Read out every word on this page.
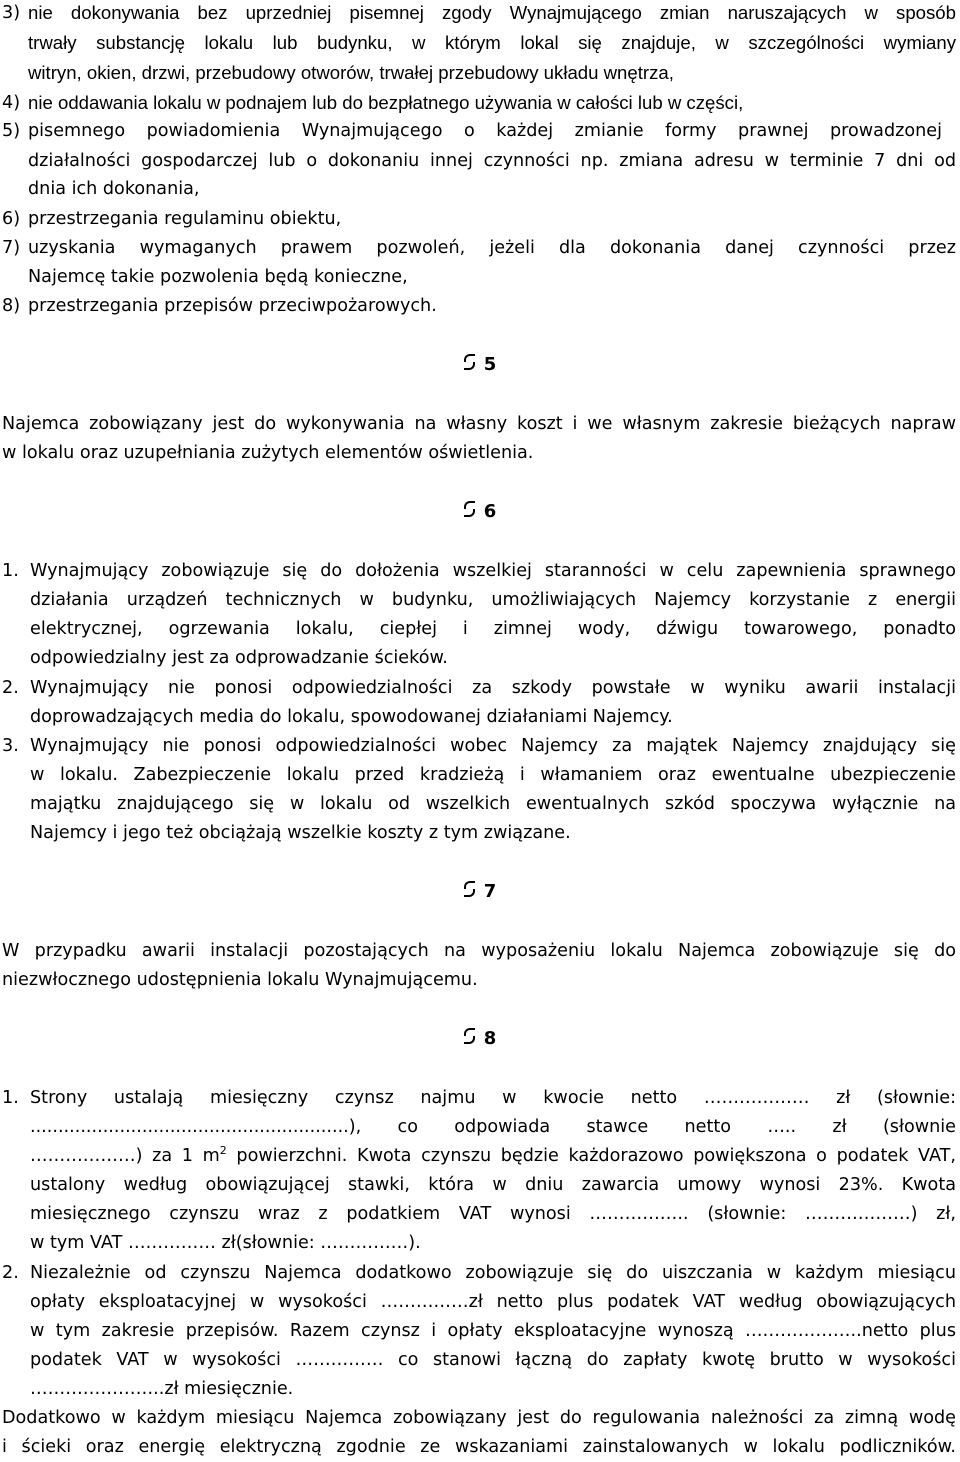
3) nie dokonywania bez uprzedniej pisemnej zgody Wynajmującego zmian naruszających w sposób
trwały substancję lokalu lub budynku, w którym lokal się znajduje, w szczególności wymiany
witryn, okien, drzwi, przebudowy otworów, trwałej przebudowy układu wnętrza,
4) nie oddawania lokalu w podnajem lub do bezpłatnego używania w całości lub w części,
5) pisemnego powiadomienia Wynajmującego o każdej zmianie formy prawnej prowadzonej
działalności gospodarczej lub o dokonaniu innej czynności np. zmiana adresu w terminie 7 dni od
dnia ich dokonania,
6) przestrzegania regulaminu obiektu,
7) uzyskania wymaganych prawem pozwoleń, jeżeli dla dokonania danej czynności przez
Najemcę takie pozwolenia będą konieczne,
8) przestrzegania przepisów przeciwpożarowych.
5
Najemca zobowiązany jest do wykonywania na własny koszt i we własnym zakresie bieżących napraw
w lokalu oraz uzupełniania zużytych elementów oświetlenia.
6
1. Wynajmujący zobowiązuje się do dołożenia wszelkiej staranności w celu zapewnienia sprawnego
działania urządzeń technicznych w budynku, umożliwiających Najemcy korzystanie z energii
elektrycznej, ogrzewania lokalu, ciepłej i zimnej wody, dźwigu towarowego, ponadto
odpowiedzialny jest za odprowadzanie ścieków.
2. Wynajmujący nie ponosi odpowiedzialności za szkody powstałe w wyniku awarii instalacji
doprowadzających media do lokalu, spowodowanej działaniami Najemcy.
3. Wynajmujący nie ponosi odpowiedzialności wobec Najemcy za majątek Najemcy znajdujący się
w lokalu. Zabezpieczenie lokalu przed kradzieżą i włamaniem oraz ewentualne ubezpieczenie
majątku znajdującego się w lokalu od wszelkich ewentualnych szkód spoczywa wyłącznie na
Najemcy i jego też obciążają wszelkie koszty z tym związane.
7
W przypadku awarii instalacji pozostających na wyposażeniu lokalu Najemca zobowiązuje się do
niezwłocznego udostępnienia lokalu Wynajmującemu.
8
1. Strony ustalają miesięczny czynsz najmu w kwocie netto ……………… zł (słownie:
.........................................................), co odpowiada stawce netto ….. zł (słownie
………………) za 1 $m^2$ powierzchni. Kwota czynszu będzie każdorazowo powiększona o podatek VAT,
ustalony według obowiązującej stawki, która w dniu zawarcia umowy wynosi 23%. Kwota
miesięcznego czynszu wraz z podatkiem VAT wynosi …………….. (słownie: ………………) zł,
w tym VAT …………… zł(słownie: ……………).
2. Niezależnie od czynszu Najemca dodatkowo zobowiązuje się do uiszczania w każdym miesiącu
opłaty eksploatacyjnej w wysokości ……………zł netto plus podatek VAT według obowiązujących
w tym zakresie przepisów. Razem czynsz i opłaty eksploatacyjne wynoszą ………………..netto plus
podatek VAT w wysokości …………… co stanowi łączną do zapłaty kwotę brutto w wysokości
…………………..zł miesięcznie.
Dodatkowo w każdym miesiącu Najemca zobowiązany jest do regulowania należności za zimną wodę
i ścieki oraz energię elektryczną zgodnie ze wskazaniami zainstalowanych w lokalu podliczników.
